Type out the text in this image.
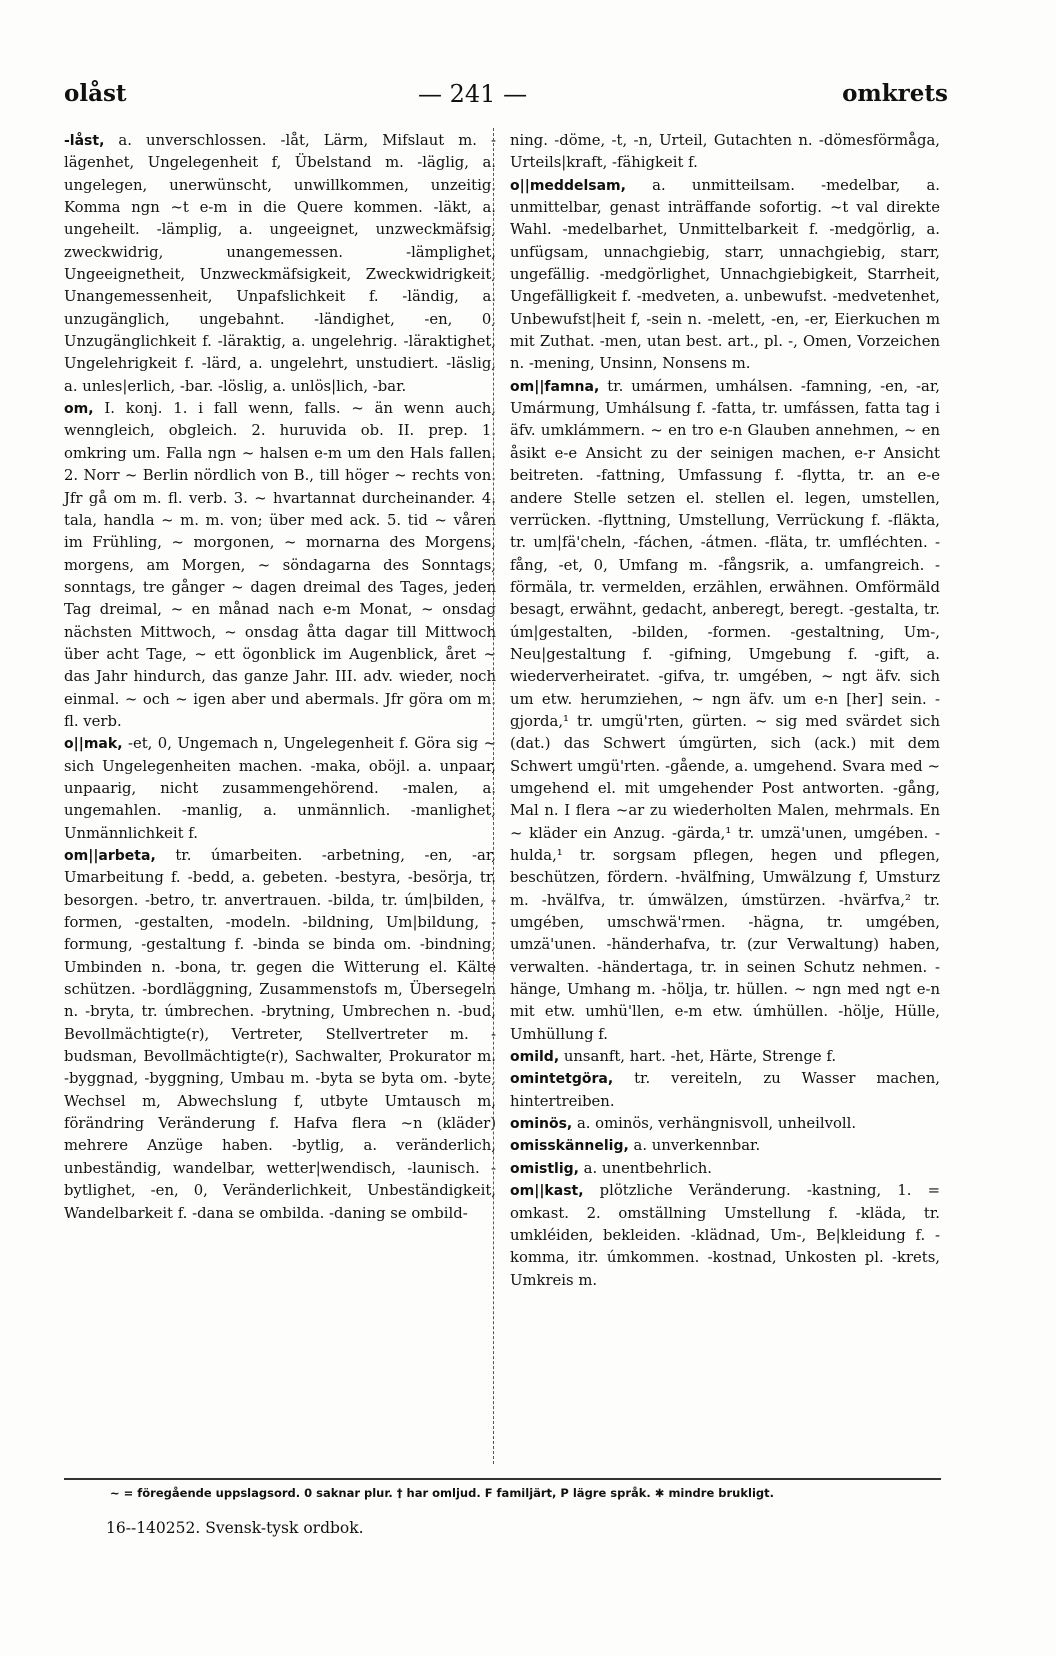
olåst	— 241 —	omkrets

-låst, a. unverschlossen. -låt, Lärm, Mifslaut m. -lägenhet, Ungelegenheit f, Übelstand m. -läglig, a. ungelegen, unerwünscht, unwillkommen, unzeitig. Komma ngn ~t e-m in die Quere kommen. -läkt, a. ungeheilt. -lämplig, a. ungeeignet, unzweckmäfsig, zweckwidrig, unangemessen. -lämplighet, Ungeeignetheit, Unzweckmäfsigkeit, Zweckwidrigkeit, Unangemessenheit, Unpafslichkeit f. -ländig, a. unzugänglich, ungebahnt. -ländighet, -en, 0, Unzugänglichkeit f. -läraktig, a. ungelehrig. -läraktighet, Ungelehrigkeit f. -lärd, a. ungelehrt, unstudiert. -läslig, a. unles|erlich, -bar. -löslig, a. unlös|lich, -bar.

om, I. konj. 1. i fall wenn, falls. ~ än wenn auch, wenngleich, obgleich. 2. huruvida ob. II. prep. 1. omkring um. Falla ngn ~ halsen e-m um den Hals fallen. 2. Norr ~ Berlin nördlich von B., till höger ~ rechts von. Jfr gå om m. fl. verb. 3. ~ hvartannat durcheinander. 4. tala, handla ~ m. m. von; über med ack. 5. tid ~ våren im Frühling, ~ morgonen, ~ mornarna des Morgens, morgens, am Morgen, ~ söndagarna des Sonntags, sonntags, tre gånger ~ dagen dreimal des Tages, jeden Tag dreimal, ~ en månad nach e-m Monat, ~ onsdag nächsten Mittwoch, ~ onsdag åtta dagar till Mittwoch über acht Tage, ~ ett ögonblick im Augenblick, året ~ das Jahr hindurch, das ganze Jahr. III. adv. wieder, noch einmal. ~ och ~ igen aber und abermals. Jfr göra om m. fl. verb.

o||mak, -et, 0, Ungemach n, Ungelegenheit f. Göra sig ~ sich Ungelegenheiten machen. -maka, oböjl. a. unpaar, unpaarig, nicht zusammengehörend. -malen, a. ungemahlen. -manlig, a. unmännlich. -manlighet, Unmännlichkeit f.

om||arbeta, tr. úmarbeiten. -arbetning, -en, -ar, Umarbeitung f. -bedd, a. gebeten. -bestyra, -besörja, tr. besorgen. -betro, tr. anvertrauen. -bilda, tr. úm|bilden, -formen, -gestalten, -modeln. -bildning, Um|bildung, -formung, -gestaltung f. -binda se binda om. -bindning, Umbinden n. -bona, tr. gegen die Witterung el. Kälte schützen. -bordläggning, Zusammenstofs m, Übersegeln n. -bryta, tr. úmbrechen. -brytning, Umbrechen n. -bud, Bevollmächtigte(r), Vertreter, Stellvertreter m. -budsman, Bevollmächtigte(r), Sachwalter, Prokurator m. -byggnad, -byggning, Umbau m. -byta se byta om. -byte, Wechsel m, Abwechslung f, utbyte Umtausch m, förändring Veränderung f. Hafva flera ~n (kläder) mehrere Anzüge haben. -bytlig, a. veränderlich, unbeständig, wandelbar, wetter|wendisch, -launisch. -bytlighet, -en, 0, Veränderlichkeit, Unbeständigkeit, Wandelbarkeit f. -dana se ombilda. -daning se ombild-

ning. -döme, -t, -n, Urteil, Gutachten n. -dömesförmåga, Urteils|kraft, -fähigkeit f.

o||meddelsam, a. unmitteilsam. -medelbar, a. unmittelbar, genast inträffande sofortig. ~t val direkte Wahl. -medelbarhet, Unmittelbarkeit f. -medgörlig, a. unfügsam, unnachgiebig, starr, unnachgiebig, starr, ungefällig. -medgörlighet, Unnachgiebigkeit, Starrheit, Ungefälligkeit f. -medveten, a. unbewufst. -medvetenhet, Unbewufst|heit f, -sein n. -melett, -en, -er, Eierkuchen m mit Zuthat. -men, utan best. art., pl. -, Omen, Vorzeichen n. -mening, Unsinn, Nonsens m.

om||famna, tr. umármen, umhálsen. -famning, -en, -ar, Umármung, Umhálsung f. -fatta, tr. umfássen, fatta tag i äfv. umklámmern. ~ en tro e-n Glauben annehmen, ~ en åsikt e-e Ansicht zu der seinigen machen, e-r Ansicht beitreten. -fattning, Umfassung f. -flytta, tr. an e-e andere Stelle setzen el. stellen el. legen, umstellen, verrücken. -flyttning, Umstellung, Verrückung f. -fläkta, tr. um|fä'cheln, -fáchen, -átmen. -fläta, tr. umfléchten. -fång, -et, 0, Umfang m. -fångsrik, a. umfangreich. -förmäla, tr. vermelden, erzählen, erwähnen. Omförmäld besagt, erwähnt, gedacht, anberegt, beregt. -gestalta, tr. úm|gestalten, -bilden, -formen. -gestaltning, Um-, Neu|gestaltung f. -gifning, Umgebung f. -gift, a. wiederverheiratet. -gifva, tr. umgében, ~ ngt äfv. sich um etw. herumziehen, ~ ngn äfv. um e-n [her] sein. -gjorda,¹ tr. umgü'rten, gürten. ~ sig med svärdet sich (dat.) das Schwert úmgürten, sich (ack.) mit dem Schwert umgü'rten. -gående, a. umgehend. Svara med ~ umgehend el. mit umgehender Post antworten. -gång, Mal n. I flera ~ar zu wiederholten Malen, mehrmals. En ~ kläder ein Anzug. -gärda,¹ tr. umzä'unen, umgében. -hulda,¹ tr. sorgsam pflegen, hegen und pflegen, beschützen, fördern. -hvälfning, Umwälzung f, Umsturz m. -hvälfva, tr. úmwälzen, úmstürzen. -hvärfva,² tr. umgében, umschwä'rmen. -hägna, tr. umgében, umzä'unen. -händerhafva, tr. (zur Verwaltung) haben, verwalten. -händertaga, tr. in seinen Schutz nehmen. -hänge, Umhang m. -hölja, tr. hüllen. ~ ngn med ngt e-n mit etw. umhü'llen, e-m etw. úmhüllen. -hölje, Hülle, Umhüllung f.

omild, unsanft, hart. -het, Härte, Strenge f.

omintetgöra, tr. vereiteln, zu Wasser machen, hintertreiben.

ominös, a. ominös, verhängnisvoll, unheilvoll.

omisskännelig, a. unverkennbar.

omistlig, a. unentbehrlich.

om||kast, plötzliche Veränderung. -kastning, 1. = omkast. 2. omställning Umstellung f. -kläda, tr. umkléiden, bekleiden. -klädnad, Um-, Be|kleidung f. -komma, itr. úmkommen. -kostnad, Unkosten pl. -krets, Umkreis m.

~ = föregående uppslagsord. 0 saknar plur. † har omljud. F familjärt, P lägre språk. ✱ mindre brukligt.
16--140252. Svensk-tysk ordbok.
